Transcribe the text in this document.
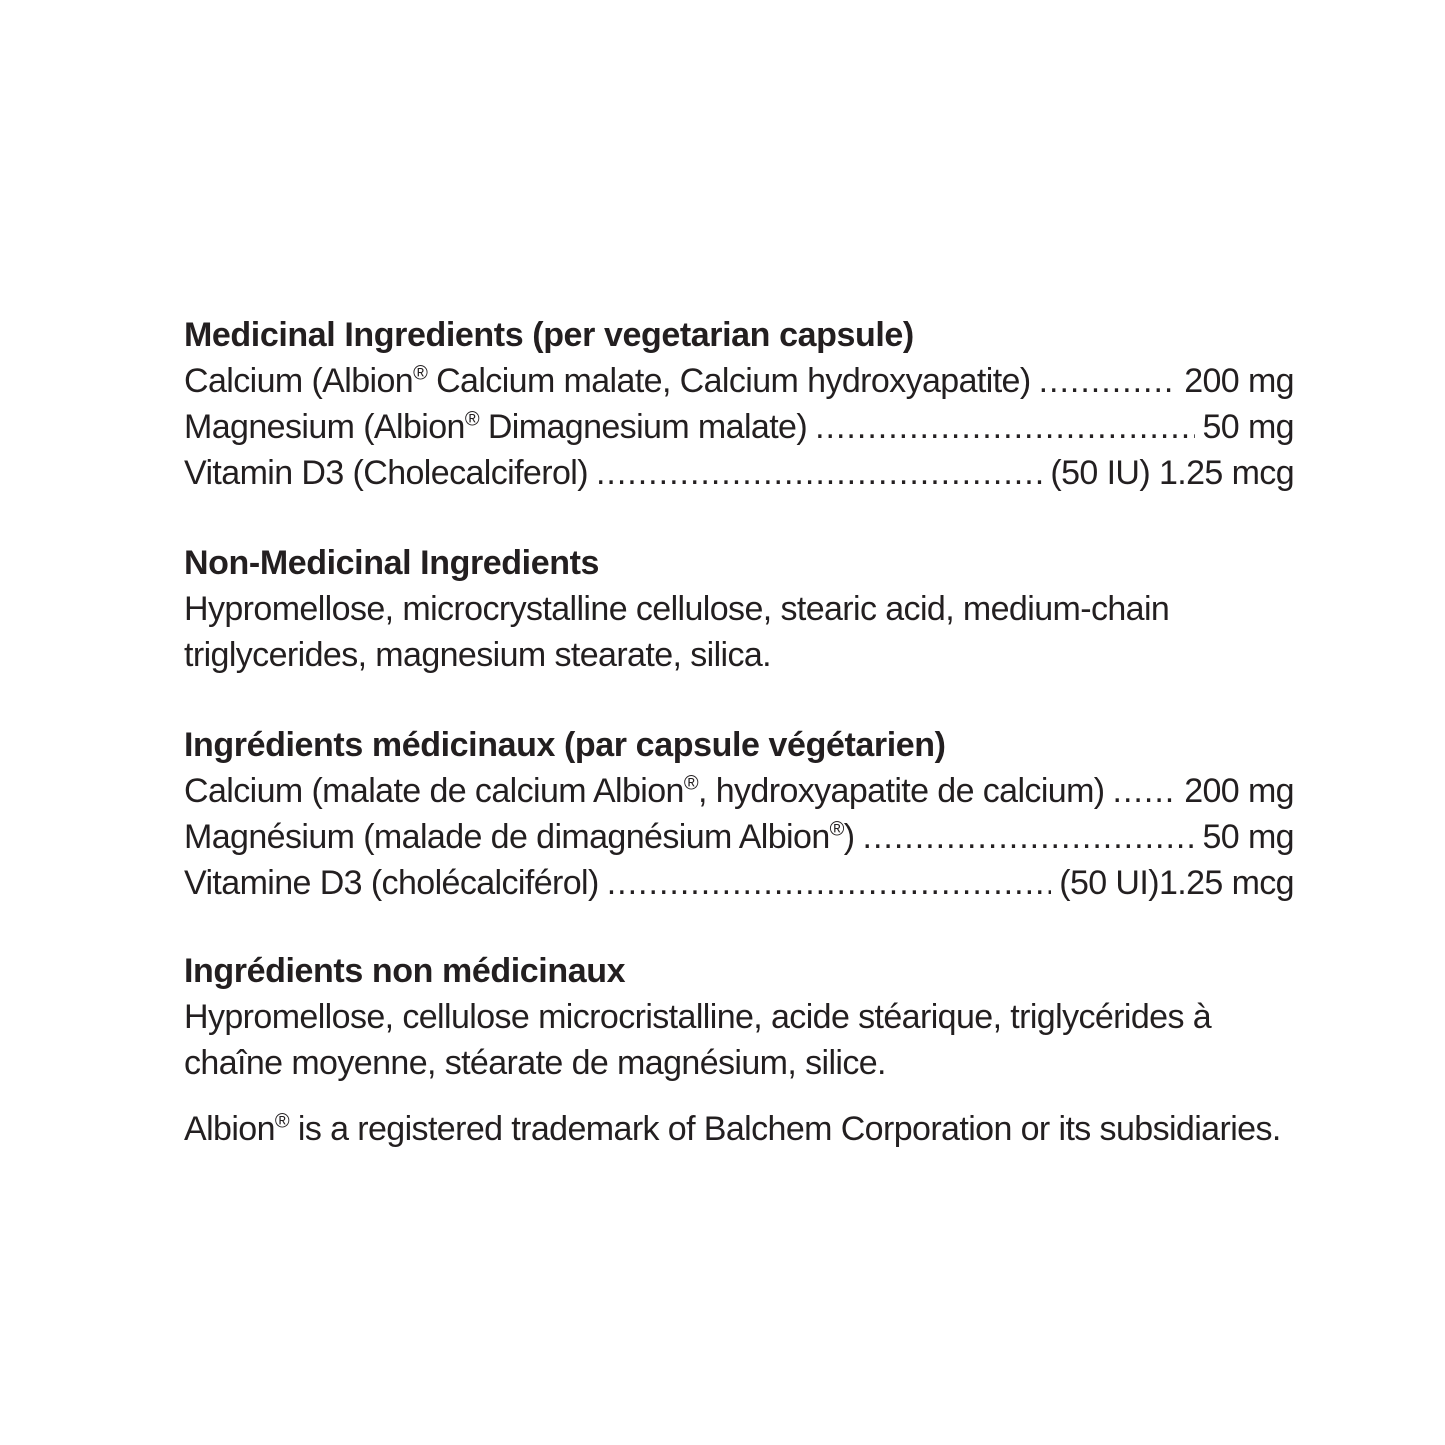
Medicinal Ingredients (per vegetarian capsule)
Calcium (Albion® Calcium malate, Calcium hydroxyapatite) .....	200 mg
Magnesium (Albion® Dimagnesium malate) .....	50 mg
Vitamin D3 (Cholecalciferol) .....	(50 IU) 1.25 mcg
Non-Medicinal Ingredients
Hypromellose, microcrystalline cellulose, stearic acid, medium-chain triglycerides, magnesium stearate, silica.
Ingrédients médicinaux (par capsule végétarien)
Calcium (malate de calcium Albion®, hydroxyapatite de calcium) ..... 200 mg
Magnésium (malade de dimagnésium Albion®) .....	50 mg
Vitamine D3 (cholécalciférol) .....	(50 UI)1.25 mcg
Ingrédients non médicinaux
Hypromellose, cellulose microcristalline, acide stéarique, triglycérides à chaîne moyenne, stéarate de magnésium, silice.
Albion® is a registered trademark of Balchem Corporation or its subsidiaries.
